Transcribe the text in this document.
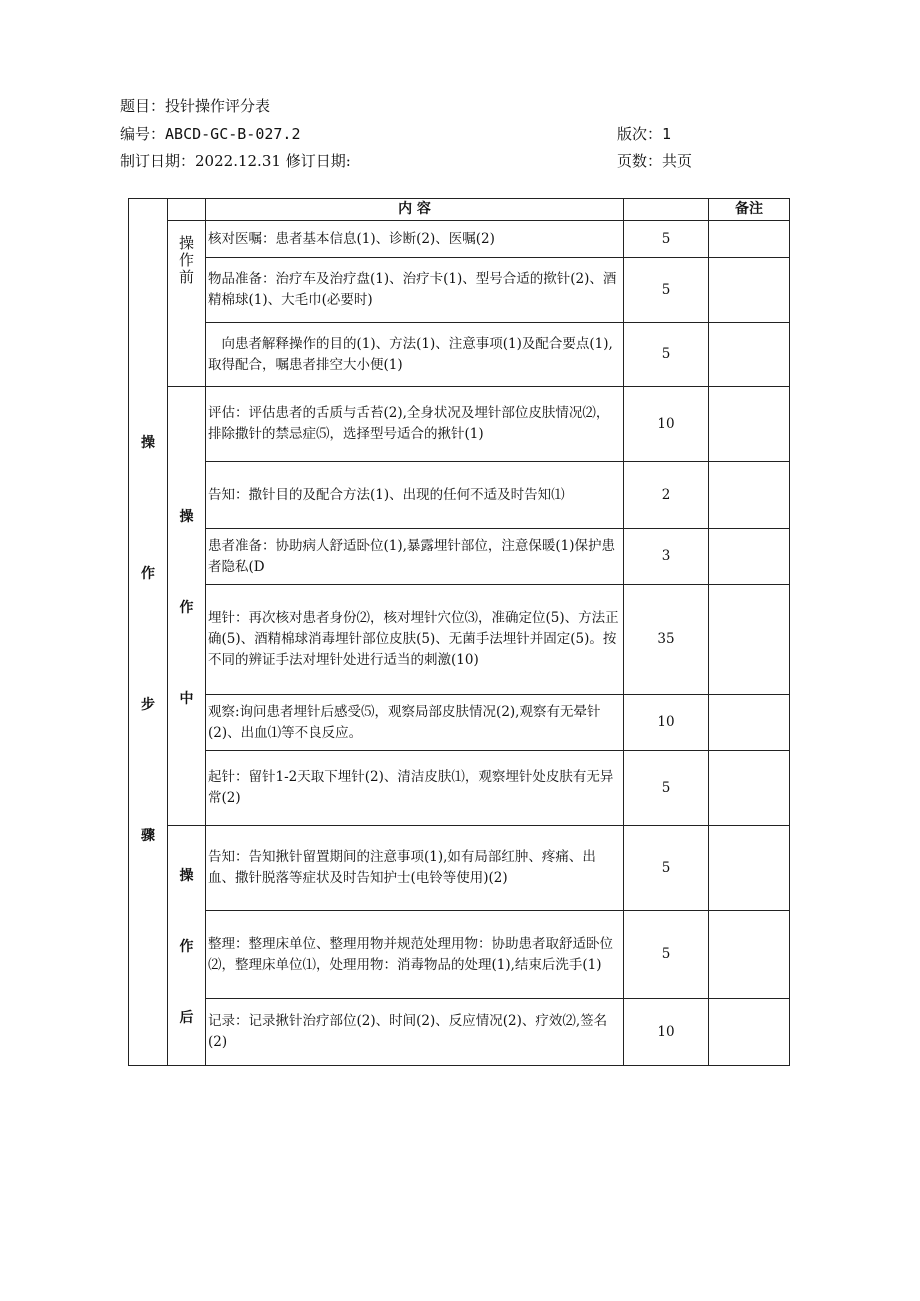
题目：投针操作评分表
编号：ABCD-GC-B-027.2	版次：1
制订日期：2022.12.31 修订日期:	页数：共页
操
作
步
骤		内 容		备注

	操
作
前	核对医嘱：患者基本信息(1)、诊断(2)、医嘱(2)	5	
		物品准备：治疗车及治疗盘(1)、治疗卡(1)、型号合适的揿针(2)、酒精棉球(1)、大毛巾(必要时)	5	
		　向患者解释操作的目的(1)、方法(1)、注意事项(1)及配合要点(1),取得配合，嘱患者排空大小便(1)	5	

	操
作
中	评估：评估患者的舌质与舌苔(2),全身状况及埋针部位皮肤情况⑵，排除撒针的禁忌症⑸，选择型号适合的揪针(1)	10	
		告知：撒针目的及配合方法(1)、出现的任何不适及时告知⑴	2	
		患者准备：协助病人舒适卧位(1),暴露埋针部位，注意保暖(1)保护患者隐私(D	3	
		埋针：再次核对患者身份⑵，核对埋针穴位⑶，准确定位(5)、方法正确(5)、酒精棉球消毒埋针部位皮肤(5)、无菌手法埋针并固定(5)。按不同的辨证手法对埋针处进行适当的刺激(10)	35	
		观察:询问患者埋针后感受⑸，观察局部皮肤情况(2),观察有无晕针(2)、出血⑴等不良反应。	10	
		起针：留针1-2天取下埋针(2)、清洁皮肤⑴，观察埋针处皮肤有无异常(2)	5	

	操
作
后	告知：告知揪针留置期间的注意事项(1),如有局部红肿、疼痛、出血、撒针脱落等症状及时告知护士(电铃等使用)(2)	5	
		整理：整理床单位、整理用物并规范处理用物：协助患者取舒适卧位⑵，整理床单位⑴，处理用物：消毒物品的处理(1),结束后洗手(1)	5	
		记录：记录揪针治疗部位(2)、时间(2)、反应情况(2)、疗效⑵,签名(2)	10	
